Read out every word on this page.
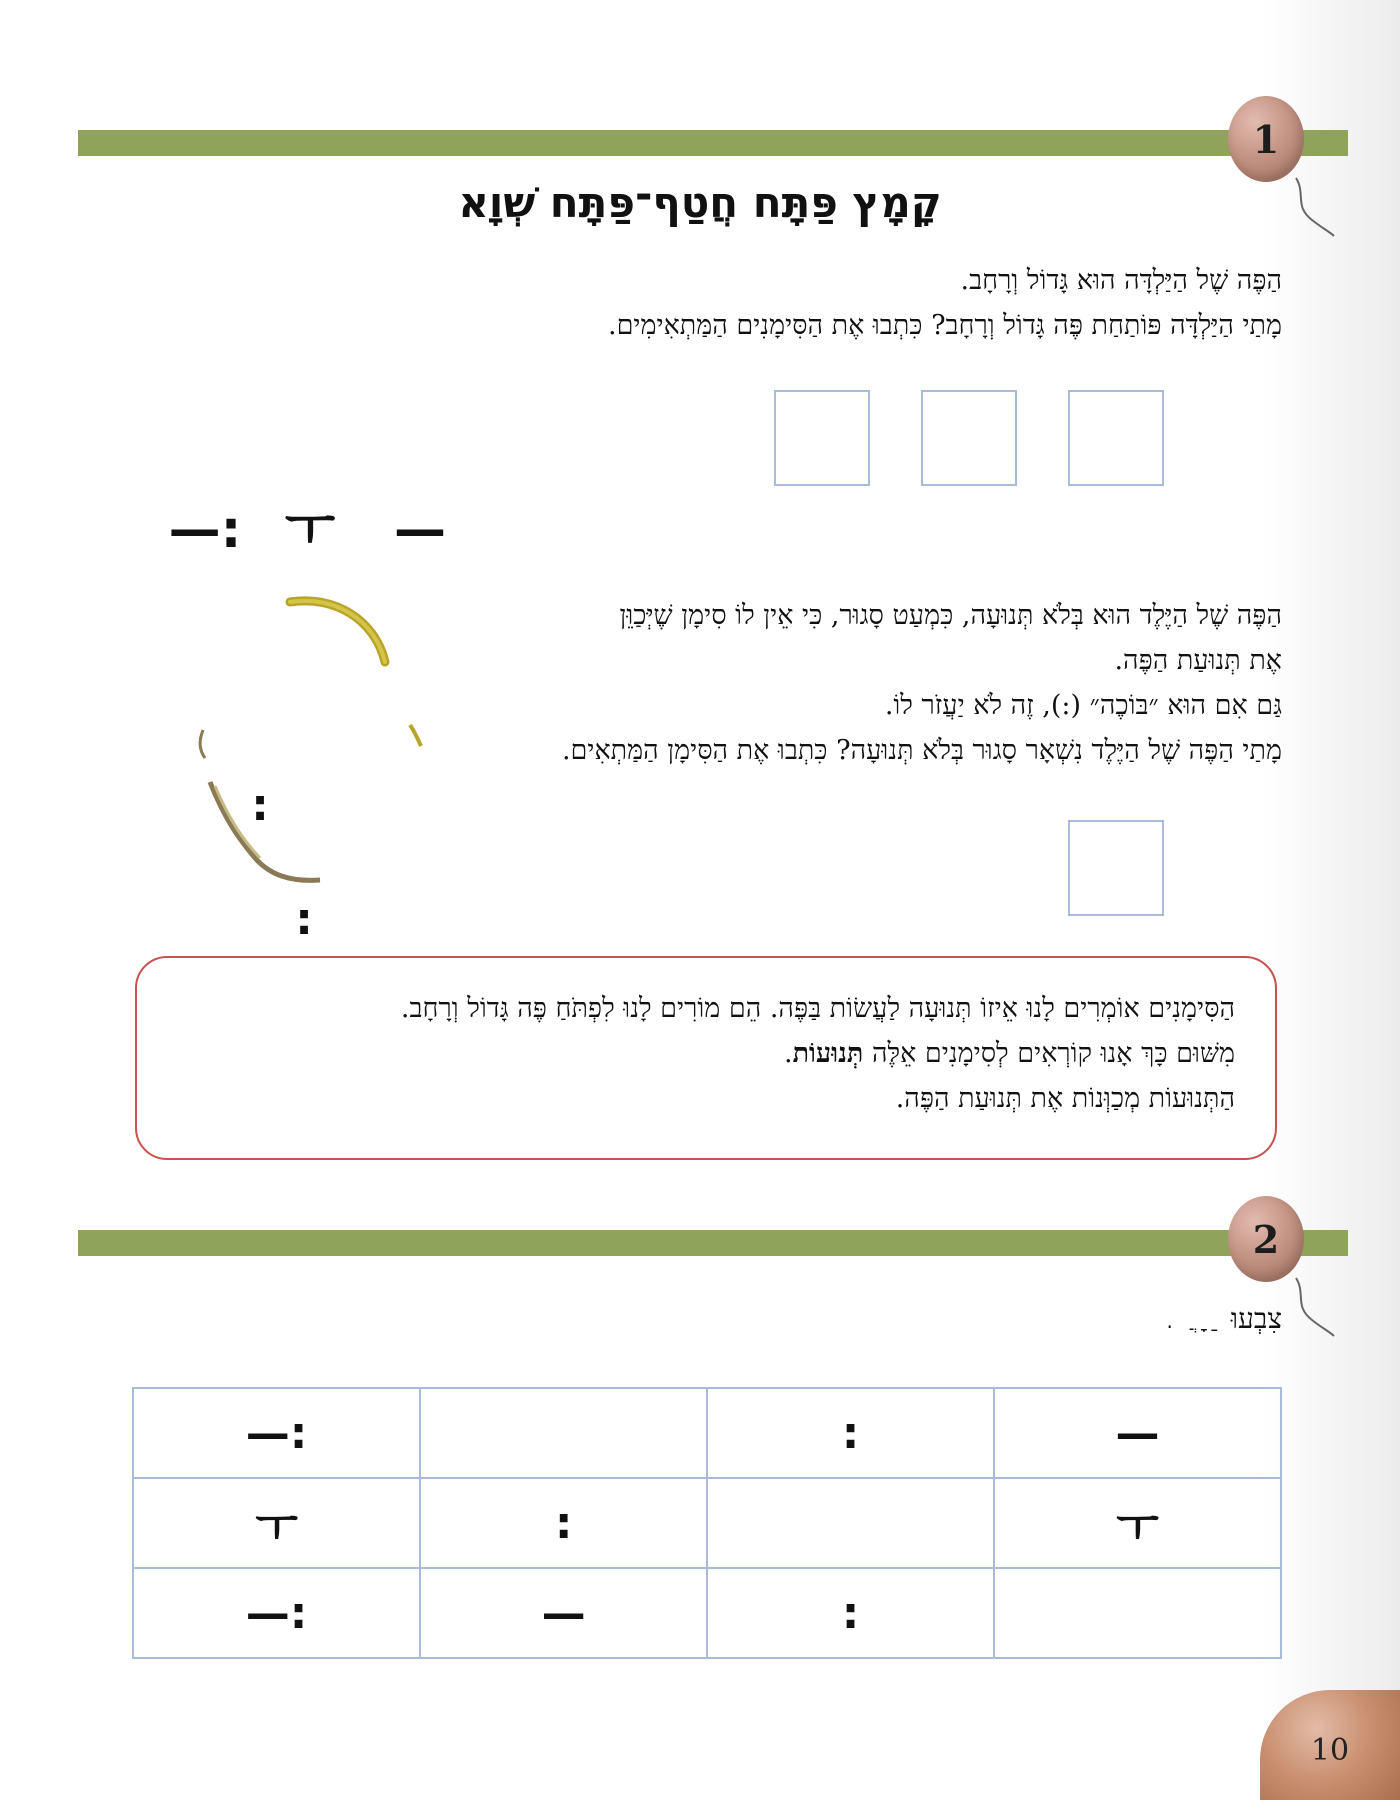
1
קָמָץ פַּתָּח חֲטַף־פַּתָּח שְׁוָא
הַפֶּה שֶׁל הַיַּלְדָּה הוּא גָּדוֹל וְרָחָב.
מָתַי הַיַּלְדָּה פּוֹתַחַת פֶּה גָּדוֹל וְרָחָב? כִּתְבוּ אֶת הַסִּימָנִים הַמַּתְאִימִים.
—: ㅜ —
:
:
הַפֶּה שֶׁל הַיֶּלֶד הוּא בְּלֹא תְּנוּעָה, כִּמְעַט סָגוּר, כִּי אֵין לוֹ סִימָן שֶׁיְּכַוֵּן
אֶת תְּנוּעַת הַפֶּה.
גַּם אִם הוּא ״בּוֹכֶה״ (:), זֶה לֹא יַעֲזֹר לוֹ.
מָתַי הַפֶּה שֶׁל הַיֶּלֶד נִשְׁאָר סָגוּר בְּלֹא תְּנוּעָה? כִּתְבוּ אֶת הַסִּימָן הַמַּתְאִים.
הַסִּימָנִים אוֹמְרִים לָנוּ אֵיזוֹ תְּנוּעָה לַעֲשׂוֹת בַּפֶּה. הֵם מוֹרִים לָנוּ לִפְתֹּחַ פֶּה גָּדוֹל וְרָחָב.
מִשּׁוּם כָּךְ אָנוּ קוֹרְאִים לְסִימָנִים אֵלֶּה תְּנוּעוֹת.
הַתְּנוּעוֹת מְכַוְּנוֹת אֶת תְּנוּעַת הַפֶּה.
2
צִבְעוּ ַ ָ ֲ .
—:		:	—
ㅜ	:		ㅜ
—:	—	:	
10
